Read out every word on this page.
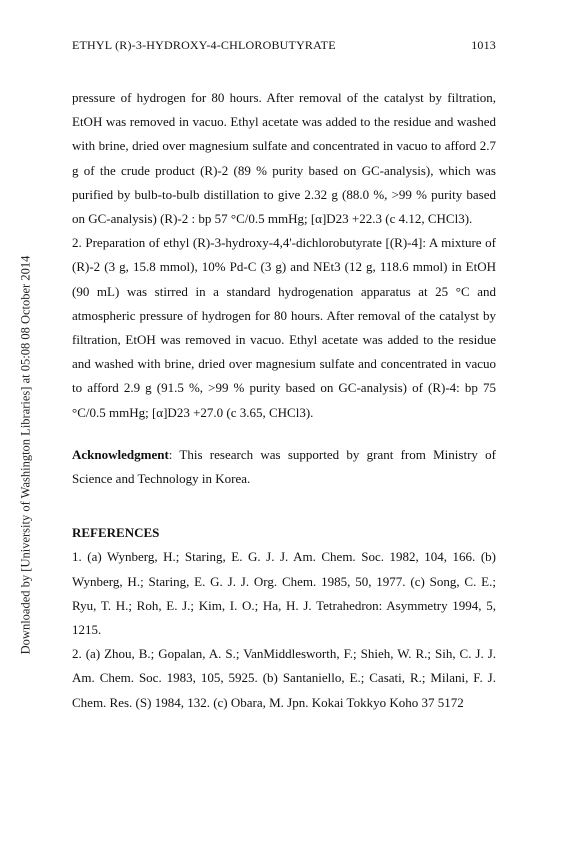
ETHYL (R)-3-HYDROXY-4-CHLOROBUTYRATE	1013
Downloaded by [University of Washington Libraries] at 05:08 08 October 2014

pressure of hydrogen for 80 hours. After removal of the catalyst by filtration, EtOH was removed in vacuo. Ethyl acetate was added to the residue and washed with brine, dried over magnesium sulfate and concentrated in vacuo to afford 2.7 g of the crude product (R)-2 (89 % purity based on GC-analysis), which was purified by bulb-to-bulb distillation to give 2.32 g (88.0 %, >99 % purity based on GC-analysis) (R)-2 : bp 57 °C/0.5 mmHg; [α]D23 +22.3 (c 4.12, CHCl3).

2. Preparation of ethyl (R)-3-hydroxy-4,4'-dichlorobutyrate [(R)-4]: A mixture of (R)-2 (3 g, 15.8 mmol), 10% Pd-C (3 g) and NEt3 (12 g, 118.6 mmol) in EtOH (90 mL) was stirred in a standard hydrogenation apparatus at 25 °C and atmospheric pressure of hydrogen for 80 hours. After removal of the catalyst by filtration, EtOH was removed in vacuo. Ethyl acetate was added to the residue and washed with brine, dried over magnesium sulfate and concentrated in vacuo to afford 2.9 g (91.5 %, >99 % purity based on GC-analysis) of (R)-4: bp 75 °C/0.5 mmHg; [α]D23 +27.0 (c 3.65, CHCl3).

Acknowledgment: This research was supported by grant from Ministry of Science and Technology in Korea.

REFERENCES

1. (a) Wynberg, H.; Staring, E. G. J. J. Am. Chem. Soc. 1982, 104, 166. (b) Wynberg, H.; Staring, E. G. J. J. Org. Chem. 1985, 50, 1977. (c) Song, C. E.; Ryu, T. H.; Roh, E. J.; Kim, I. O.; Ha, H. J. Tetrahedron: Asymmetry 1994, 5, 1215.
2. (a) Zhou, B.; Gopalan, A. S.; VanMiddlesworth, F.; Shieh, W. R.; Sih, C. J. J. Am. Chem. Soc. 1983, 105, 5925. (b) Santaniello, E.; Casati, R.; Milani, F. J. Chem. Res. (S) 1984, 132. (c) Obara, M. Jpn. Kokai Tokkyo Koho 37 5172
